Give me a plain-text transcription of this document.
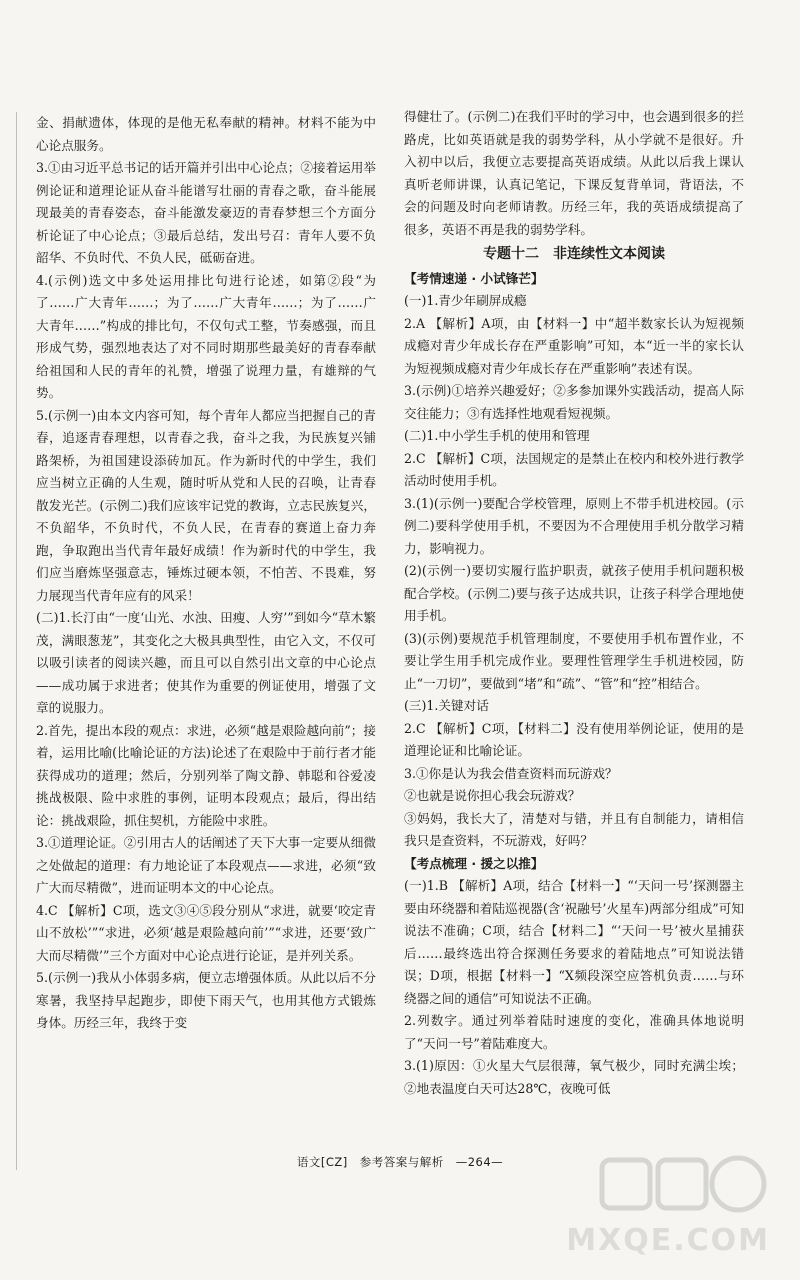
金、捐献遗体，体现的是他无私奉献的精神。材料不能为中心论点服务。

3.①由习近平总书记的话开篇并引出中心论点；②接着运用举例论证和道理论证从奋斗能谱写壮丽的青春之歌，奋斗能展现最美的青春姿态，奋斗能激发豪迈的青春梦想三个方面分析论证了中心论点；③最后总结，发出号召：青年人要不负韶华、不负时代、不负人民，砥砺奋进。

4.(示例)选文中多处运用排比句进行论述，如第②段“为了……广大青年……；为了……广大青年……；为了……广大青年……”构成的排比句，不仅句式工整，节奏感强，而且形成气势，强烈地表达了对不同时期那些最美好的青春奉献给祖国和人民的青年的礼赞，增强了说理力量，有雄辩的气势。

5.(示例一)由本文内容可知，每个青年人都应当把握自己的青春，追逐青春理想，以青春之我，奋斗之我，为民族复兴铺路架桥，为祖国建设添砖加瓦。作为新时代的中学生，我们应当树立正确的人生观，随时听从党和人民的召唤，让青春散发光芒。(示例二)我们应该牢记党的教诲，立志民族复兴，不负韶华，不负时代，不负人民，在青春的赛道上奋力奔跑，争取跑出当代青年最好成绩！作为新时代的中学生，我们应当磨炼坚强意志，锤炼过硬本领，不怕苦、不畏难，努力展现当代青年应有的风采！

(二)1.长汀由“一度‘山光、水浊、田瘦、人穷’”到如今“草木繁茂，满眼葱茏”，其变化之大极具典型性，由它入文，不仅可以吸引读者的阅读兴趣，而且可以自然引出文章的中心论点——成功属于求进者；使其作为重要的例证使用，增强了文章的说服力。

2.首先，提出本段的观点：求进，必须“越是艰险越向前”；接着，运用比喻(比喻论证的方法)论述了在艰险中于前行者才能获得成功的道理；然后，分别列举了陶文静、韩聪和谷爱凌挑战极限、险中求胜的事例，证明本段观点；最后，得出结论：挑战艰险，抓住契机，方能险中求胜。

3.①道理论证。②引用古人的话阐述了天下大事一定要从细微之处做起的道理：有力地论证了本段观点——求进，必须“致广大而尽精微”，进而证明本文的中心论点。

4.C 【解析】C项，选文③④⑤段分别从“求进，就要‘咬定青山不放松’”“求进，必须‘越是艰险越向前’”“求进，还要‘致广大而尽精微’”三个方面对中心论点进行论证，是并列关系。

5.(示例一)我从小体弱多病，便立志增强体质。从此以后不分寒暑，我坚持早起跑步，即使下雨天气，也用其他方式锻炼身体。历经三年，我终于变

得健壮了。(示例二)在我们平时的学习中，也会遇到很多的拦路虎，比如英语就是我的弱势学科，从小学就不是很好。升入初中以后，我便立志要提高英语成绩。从此以后我上课认真听老师讲课，认真记笔记，下课反复背单词，背语法，不会的问题及时向老师请教。历经三年，我的英语成绩提高了很多，英语不再是我的弱势学科。

专题十二　非连续性文本阅读
【考情速递 · 小试锋芒】

(一)1.青少年刷屏成瘾

2.A 【解析】A项，由【材料一】中“超半数家长认为短视频成瘾对青少年成长存在严重影响”可知，本“近一半的家长认为短视频成瘾对青少年成长存在严重影响”表述有误。

3.(示例)①培养兴趣爱好；②多参加课外实践活动，提高人际交往能力；③有选择性地观看短视频。

(二)1.中小学生手机的使用和管理

2.C 【解析】C项，法国规定的是禁止在校内和校外进行教学活动时使用手机。

3.(1)(示例一)要配合学校管理，原则上不带手机进校园。(示例二)要科学使用手机，不要因为不合理使用手机分散学习精力，影响视力。

(2)(示例一)要切实履行监护职责，就孩子使用手机问题积极配合学校。(示例二)要与孩子达成共识，让孩子科学合理地使用手机。

(3)(示例)要规范手机管理制度，不要使用手机布置作业，不要让学生用手机完成作业。要理性管理学生手机进校园，防止“一刀切”，要做到“堵”和“疏”、“管”和“控”相结合。

(三)1.关键对话

2.C 【解析】C项，【材料二】没有使用举例论证，使用的是道理论证和比喻论证。

3.①你是认为我会借查资料而玩游戏？

②也就是说你担心我会玩游戏？

③妈妈，我长大了，清楚对与错，并且有自制能力，请相信我只是查资料，不玩游戏，好吗？

【考点梳理 · 援之以推】

(一)1.B 【解析】A项，结合【材料一】“‘天问一号’探测器主要由环绕器和着陆巡视器(含‘祝融号’火星车)两部分组成”可知说法不准确；C项，结合【材料二】“‘天问一号’被火星捕获后……最终选出符合探测任务要求的着陆地点”可知说法错误；D项，根据【材料一】“X频段深空应答机负责……与环绕器之间的通信”可知说法不正确。

2.列数字。通过列举着陆时速度的变化，准确具体地说明了“天问一号”着陆难度大。

3.(1)原因：①火星大气层很薄，氧气极少，同时充满尘埃；②地表温度白天可达28℃，夜晚可低

语文[CZ]　参考答案与解析　—264—
MXQE.COM
